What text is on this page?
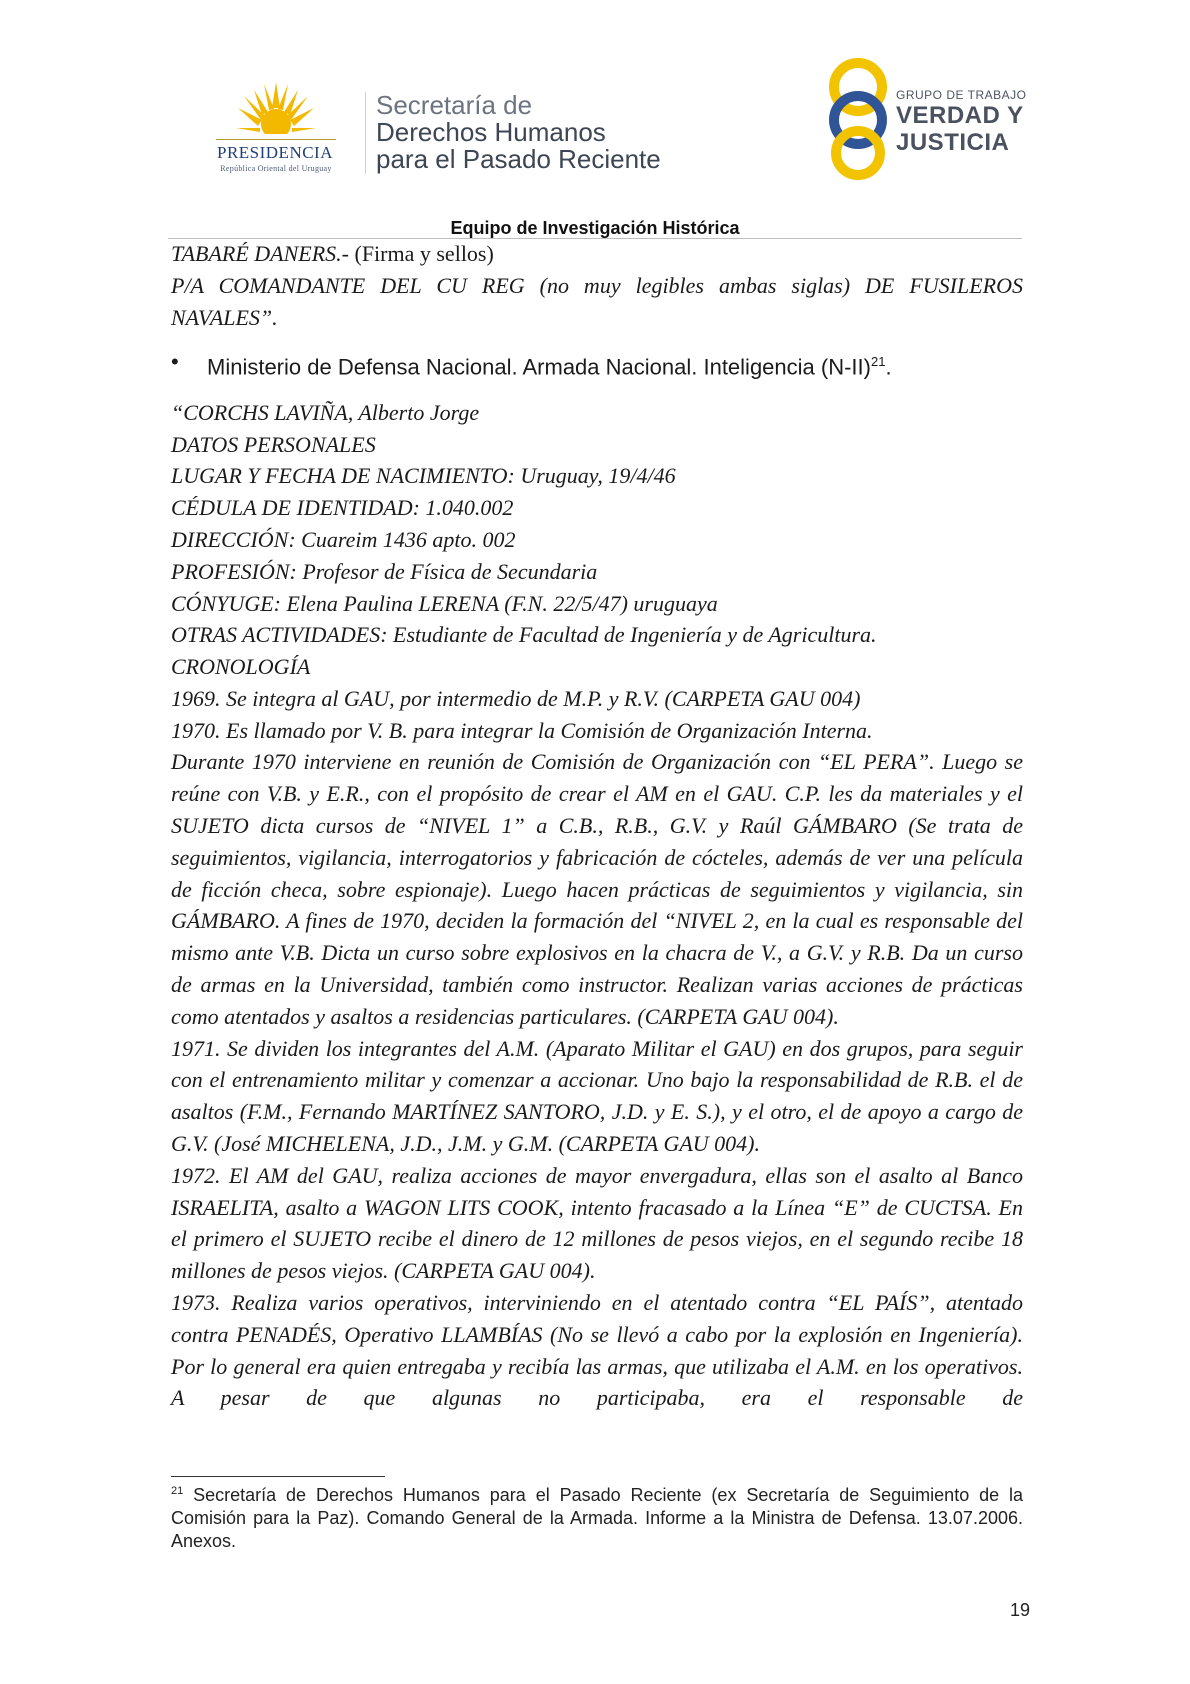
PRESIDENCIA
República Oriental del Uruguay
Secretaría de
Derechos Humanos
para el Pasado Reciente
GRUPO DE TRABAJO
VERDAD Y
JUSTICIA
Equipo de Investigación Histórica

TABARÉ DANERS.- (Firma y sellos)

P/A COMANDANTE DEL CU REG (no muy legibles ambas siglas) DE FUSILEROS NAVALES”.

• Ministerio de Defensa Nacional. Armada Nacional. Inteligencia $(N-II)^{21}$.

“CORCHS LAVIÑA, Alberto Jorge

DATOS PERSONALES

LUGAR Y FECHA DE NACIMIENTO: Uruguay, 19/4/46

CÉDULA DE IDENTIDAD: 1.040.002

DIRECCIÓN: Cuareim 1436 apto. 002

PROFESIÓN: Profesor de Física de Secundaria

CÓNYUGE: Elena Paulina LERENA (F.N. 22/5/47) uruguaya

OTRAS ACTIVIDADES: Estudiante de Facultad de Ingeniería y de Agricultura.

CRONOLOGÍA

1969. Se integra al GAU, por intermedio de M.P. y R.V. (CARPETA GAU 004)

1970. Es llamado por V. B. para integrar la Comisión de Organización Interna.

Durante 1970 interviene en reunión de Comisión de Organización con “EL PERA”. Luego se reúne con V.B. y E.R., con el propósito de crear el AM en el GAU. C.P. les da materiales y el SUJETO dicta cursos de “NIVEL 1” a C.B., R.B., G.V. y Raúl GÁMBARO (Se trata de seguimientos, vigilancia, interrogatorios y fabricación de cócteles, además de ver una película de ficción checa, sobre espionaje). Luego hacen prácticas de seguimientos y vigilancia, sin GÁMBARO. A fines de 1970, deciden la formación del “NIVEL 2, en la cual es responsable del mismo ante V.B. Dicta un curso sobre explosivos en la chacra de V., a G.V. y R.B. Da un curso de armas en la Universidad, también como instructor. Realizan varias acciones de prácticas como atentados y asaltos a residencias particulares. (CARPETA GAU 004).

1971. Se dividen los integrantes del A.M. (Aparato Militar el GAU) en dos grupos, para seguir con el entrenamiento militar y comenzar a accionar. Uno bajo la responsabilidad de R.B. el de asaltos (F.M., Fernando MARTÍNEZ SANTORO, J.D. y E. S.), y el otro, el de apoyo a cargo de G.V. (José MICHELENA, J.D., J.M. y G.M. (CARPETA GAU 004).

1972. El AM del GAU, realiza acciones de mayor envergadura, ellas son el asalto al Banco ISRAELITA, asalto a WAGON LITS COOK, intento fracasado a la Línea “E” de CUCTSA. En el primero el SUJETO recibe el dinero de 12 millones de pesos viejos, en el segundo recibe 18 millones de pesos viejos. (CARPETA GAU 004).

1973. Realiza varios operativos, interviniendo en el atentado contra “EL PAÍS”, atentado contra PENADÉS, Operativo LLAMBÍAS (No se llevó a cabo por la explosión en Ingeniería). Por lo general era quien entregaba y recibía las armas, que utilizaba el A.M. en los operativos. A pesar de que algunas no participaba, era el responsable de

$^{21}$ Secretaría de Derechos Humanos para el Pasado Reciente (ex Secretaría de Seguimiento de la Comisión para la Paz). Comando General de la Armada. Informe a la Ministra de Defensa. 13.07.2006. Anexos.
19
